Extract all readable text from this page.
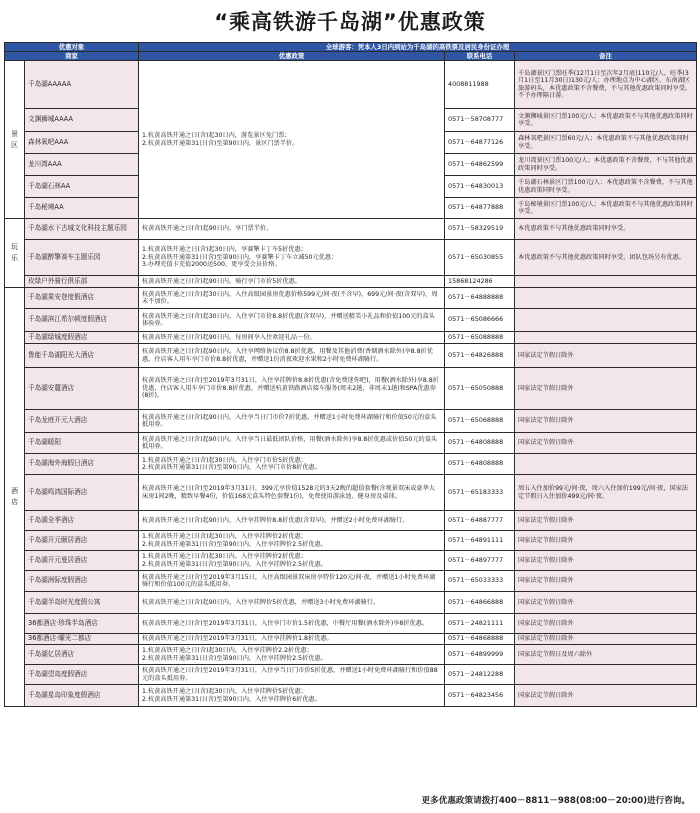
“乘高铁游千岛湖”优惠政策
优惠对象		全球游客：凭本人3日内到站为千岛湖的高铁票及居民身份证办理		
商家		优惠政策	联系电话	备注
景
区	千岛湖AAAAA	1.杭黄高铁开通之日(含)起30日内，游览景区免门票；
2.杭黄高铁开通第31日(含)至第90日内，景区门票半价。	4008811988	千岛湖景区门票旺季(12月1日至次年2月底)110元/人，旺季(3月1日至11月30日)130元/人；办理地点为中心湖区、东南湖区旅游码头，本优惠政策不含餐费，不与其他优惠政策同时享受，不予办理隔日游。
	文渊狮城AAAA		0571－58708777	文渊狮城景区门票100元/人；本优惠政策不与其他优惠政策同时享受。
	森林氧吧AAA		0571－64877126	森林氧吧景区门票60元/人；本优惠政策不与其他优惠政策同时享受。
	龙川湾AAA		0571－64862599	龙川湾景区门票100元/人；本优惠政策不含餐费，不与其他优惠政策同时享受。
	千岛湖石林AA		0571－64830013	千岛湖石林景区门票100元/人；本优惠政策不含餐费，不与其他优惠政策同时享受。
	千岛秘境AA		0571－64877888	千岛秘境景区门票100元/人；本优惠政策不与其他优惠政策同时享受。
玩
乐	千岛湖水下古城文化科技主题乐园	杭黄高铁开通之日(含)起90日内，享门票半价。	0571－58329519	本优惠政策不与其他优惠政策同时享受。
	千岛湖醉擎赛车主题乐园	1.杭黄高铁开通之日(含)起30日内，享赛擎卡丁车5折优惠；
2.杭黄高铁开通第31日(含)至第90日内，享赛擎卡丁车立减50元优惠；
3.办理充值卡充值2000送500，更享受会员价格。	0571－65030855	本优惠政策不与其他优惠政策同时享受，团队包场另有优惠。
	玫绿户外骑行俱乐部	杭黄高铁开通之日(含)起90日内，骑行享门市价5折优惠。	15868124286	
酒
店	千岛湖果安登度假酒店	杭黄高铁开通之日(含)起30日内，入住高级园景房优惠价格599元/间·夜(不含早)，699元/间·夜(含双早)，周末不加价。	0571－64888888	
	千岛湖滨江希尔顿度假酒店	杭黄高铁开通之日(含)起30日内，入住享门市价8.8折优惠(含双早)，并赠送精美小礼品和价值100元的盒头体验券。	0571－65086666	
	千岛湖绿城度假酒店	杭黄高铁开通之日(含)起90日内，每房间享入住欢迎礼品一份。	0571－65088888	
	鲁能千岛湖阳光大酒店	杭黄高铁开通之日(含)起90日内，入住享网络协议价8.8折优惠，用餐及其他消费(香烟酒水除外)享8.8折优惠，住店客人用车享门市价8.8折优惠，并赠送1份消夜欢迎水果和2小时免费环湖骑行。	0571－64826888	国家法定节假日除外
	千岛湖安麓酒店	杭黄高铁开通之日(含)至2019年3月31日，入住享挂牌价8.8折优惠(含免费迷你吧)，用餐(酒水除外)享8.8折优惠，住店客人用车享门市价8.8折优惠，并赠送杭黄铁路酒店接车服务(周末2趟，非周末1趟)和SPA优惠券(8折)。	0571－65050888	国家法定节假日除外
	千岛龙庭开元大酒店	杭黄高铁开通之日(含)起90日内，入住享当日门市价7折优惠，并赠送1小时免费环湖骑行和价值50元的盒头抵用券。	0571－65068888	国家法定节假日除外
	千岛湖暖阳	杭黄高铁开通之日(含)起90日内，入住享当日最低团队价格，用餐(酒水除外)享8.8折优惠或价值50元的盒头抵用券。	0571－64808888	国家法定节假日除外
	千岛湖海外海假日酒店	1.杭黄高铁开通之日(含)起30日内，入住享门市价5折优惠；
2.杭黄高铁开通第31日(含)至第90日内，入住享门市价8折优惠。	0571－64808888	
	千岛湖鸣鸿国际酒店	杭黄高铁开通之日(含)至2019年3月31日，399元享价值1528元的3天2晚的超值套餐(含观景双床或豪华大床房1间2晚，精致早餐4份，价值168元盒头特色套餐1份)，免费使用游泳池、健身房及桌球。	0571－65183333	周五入住加价99元/间·夜，周六入住加价199元/间·夜，国家法定节假日入住加价499元/间·夜。
	千岛湖全季酒店	杭黄高铁开通之日(含)起90日内，入住享挂牌价8.8折优惠(含双早)，并赠送2小时免费环湖骑行。	0571－64887777	国家法定节假日除外
	千岛湖开元颐居酒店	1.杭黄高铁开通之日(含)起30日内，入住享挂牌价2折优惠；
2.杭黄高铁开通第31日(含)至第90日内，入住享挂牌价2.5折优惠。	0571－64891111	国家法定节假日除外
	千岛湖开元曼居酒店	1.杭黄高铁开通之日(含)起30日内，入住享挂牌价2折优惠；
2.杭黄高铁开通第31日(含)至第90日内，入住享挂牌价2.5折优惠。	0571－64897777	国家法定节假日除外
	千岛湖洲际度假酒店	杭黄高铁开通之日(含)至2019年3月15日，入住高级园景双床房享特价120元/间·夜，并赠送1小时免费环湖骑行和价值100元的盒头抵用券。	0571－65033333	国家法定节假日除外
	千岛湖半岛时光度假公寓	杭黄高铁开通之日(含)起90日内，入住享挂牌价5折优惠，并赠送3小时免费环湖骑行。	0571－64866888	国家法定节假日除外
	36都酒店·珍珠半岛酒店	杭黄高铁开通之日(含)至2019年3月31日，入住享门市价1.5折优惠，中餐厅用餐(酒水除外)享8折优惠。	0571－24821111	国家法定节假日除外
	36都酒店·曜光二都店	杭黄高铁开通之日(含)至2019年3月31日，入住享挂牌价1.8折优惠。	0571－64868888	国家法定节假日除外
	千岛湖亿居酒店	1.杭黄高铁开通之日(含)起30日内，入住享挂牌价2.2折优惠；
2.杭黄高铁开通第31日(含)至第90日内，入住享挂牌价2.5折优惠。	0571－64899999	国家法定节假日及周六除外
	千岛湖望岛度假酒店	杭黄高铁开通之日(含)至2019年3月31日，入住享当日门市价5折优惠，并赠送1小时免费环湖骑行和价值88元的盒头抵用券。	0571－24812288	
	千岛湖星岛印象度假酒店	1.杭黄高铁开通之日(含)起30日内，入住享挂牌价5折优惠；
2.杭黄高铁开通第31日(含)至第90日内，入住享挂牌价6折优惠。	0571－64823456	国家法定节假日除外
更多优惠政策请拨打400－8811－988(08:00－20:00)进行咨询。
